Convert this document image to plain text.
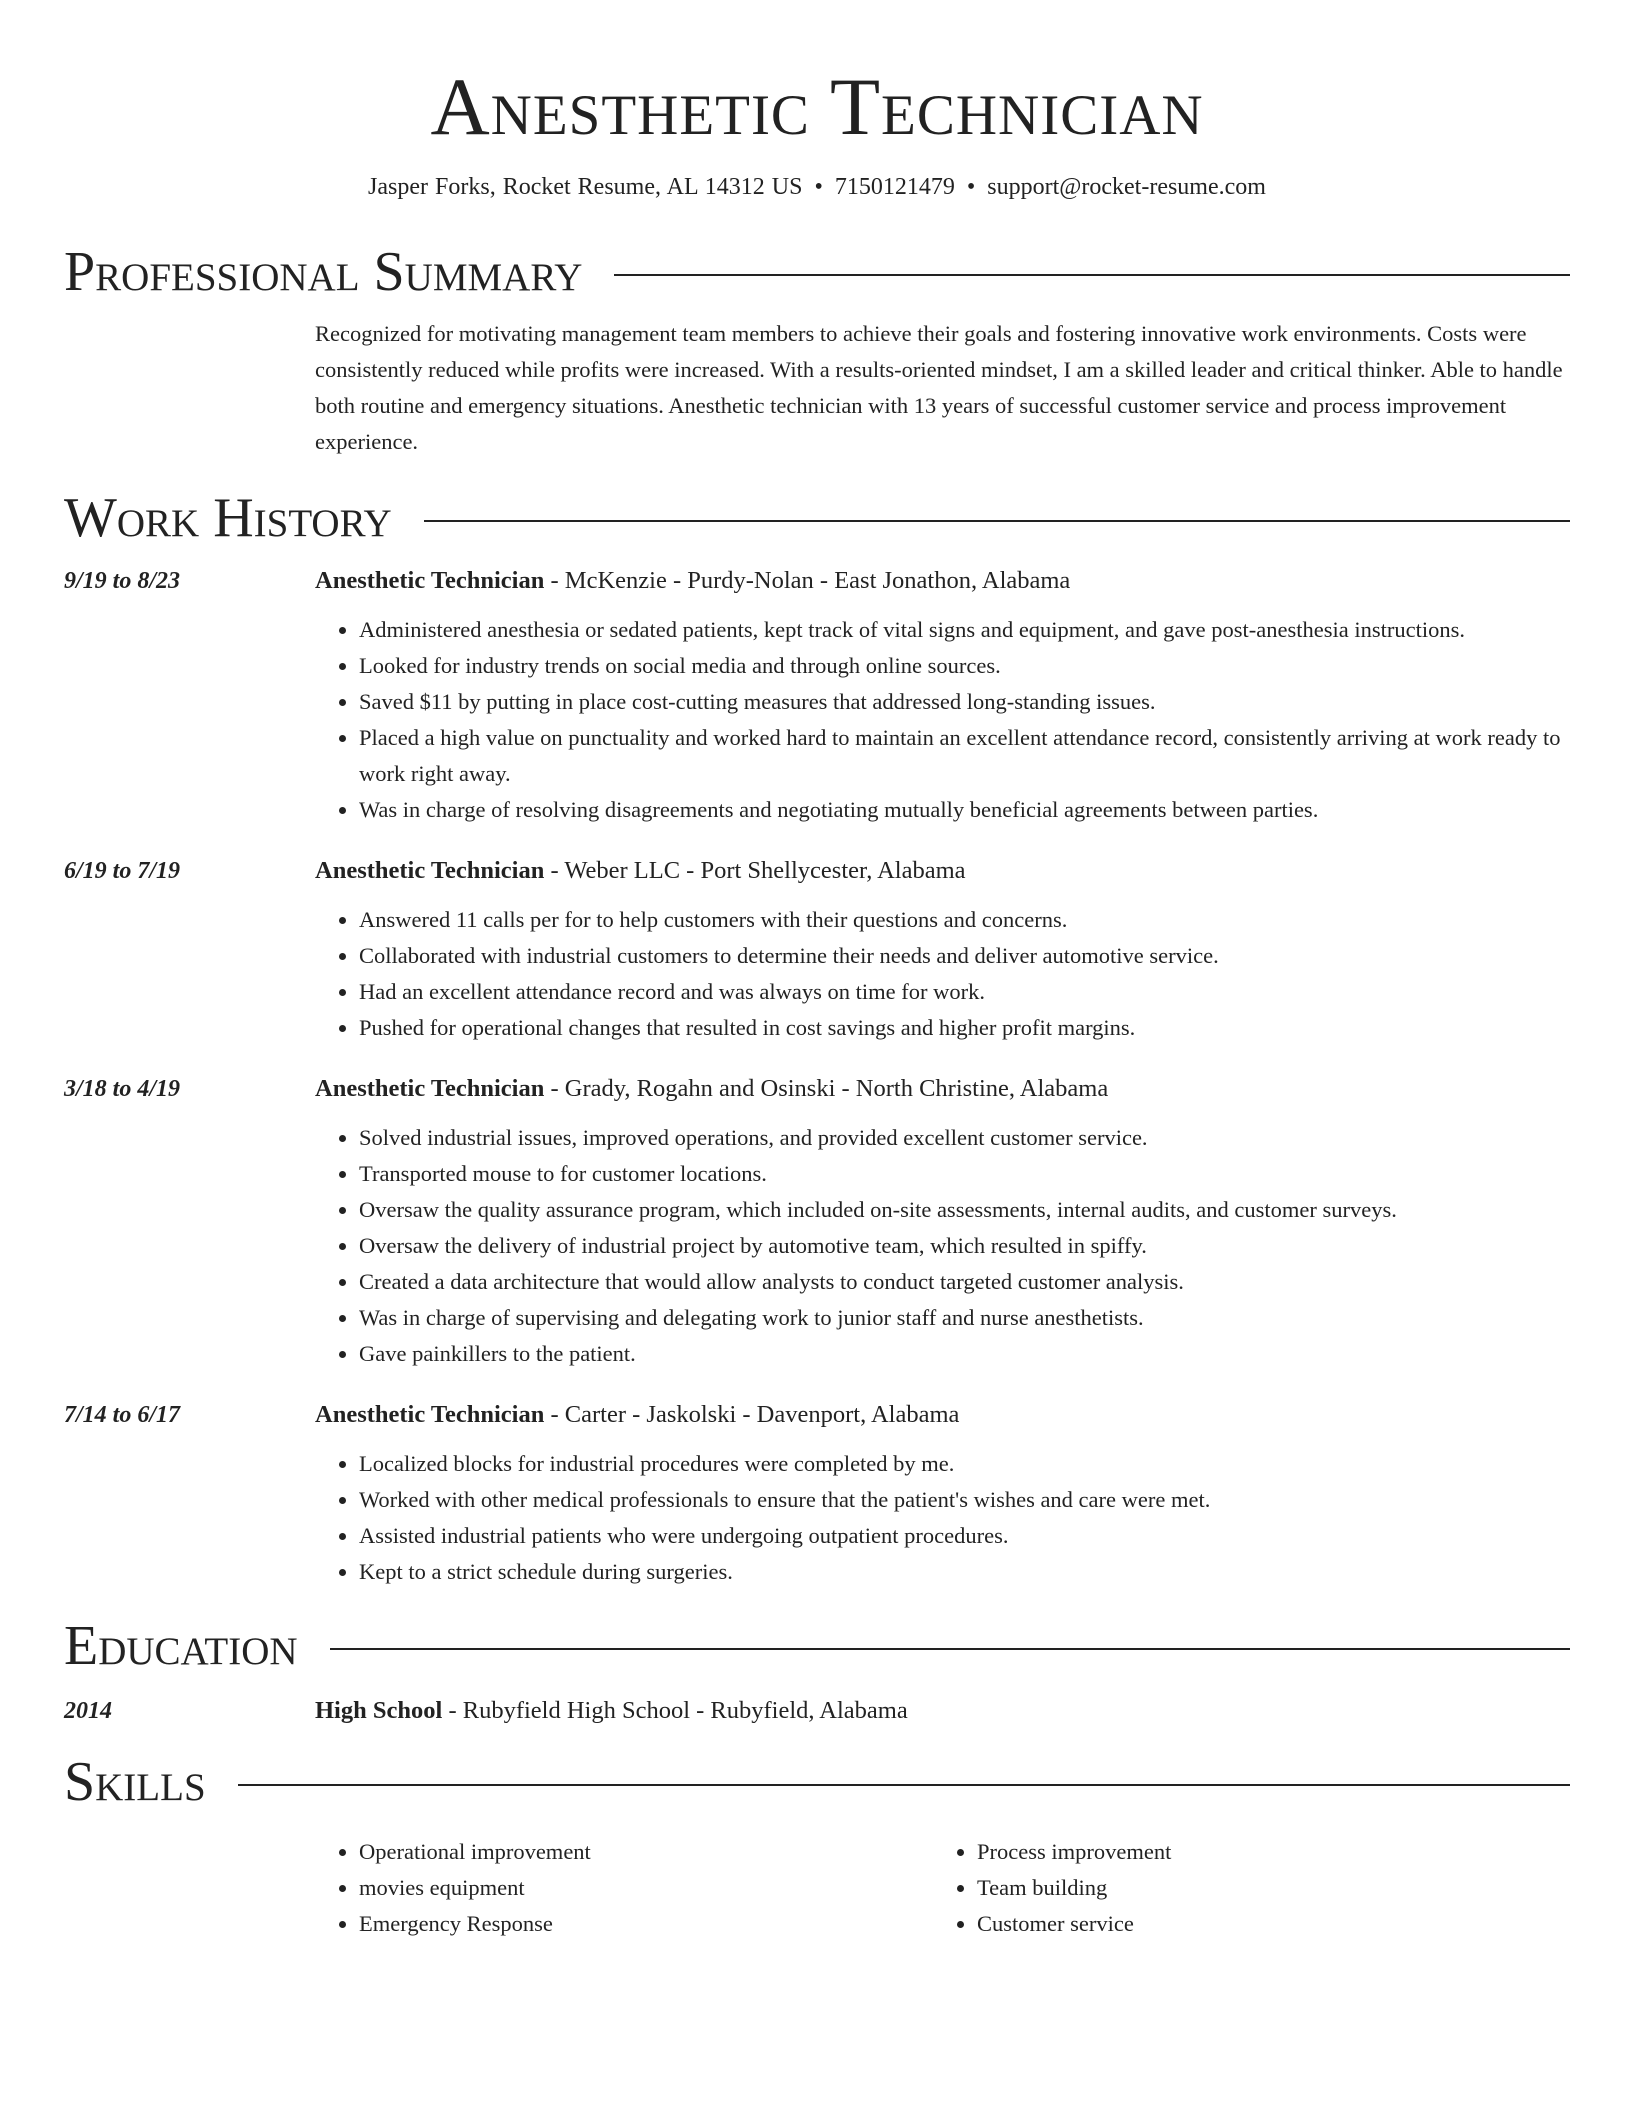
Anesthetic Technician
Jasper Forks, Rocket Resume, AL 14312 US • 7150121479 • support@rocket-resume.com
Professional Summary

Recognized for motivating management team members to achieve their goals and fostering innovative work environments. Costs were consistently reduced while profits were increased. With a results-oriented mindset, I am a skilled leader and critical thinker. Able to handle both routine and emergency situations. Anesthetic technician with 13 years of successful customer service and process improvement experience.

Work History
9/19 to 8/23	Anesthetic Technician - McKenzie - Purdy-Nolan - East Jonathon, Alabama
• Administered anesthesia or sedated patients, kept track of vital signs and equipment, and gave post-anesthesia instructions.
• Looked for industry trends on social media and through online sources.
• Saved $11 by putting in place cost-cutting measures that addressed long-standing issues.
• Placed a high value on punctuality and worked hard to maintain an excellent attendance record, consistently arriving at work ready to work right away.
• Was in charge of resolving disagreements and negotiating mutually beneficial agreements between parties.
6/19 to 7/19	Anesthetic Technician - Weber LLC - Port Shellycester, Alabama
• Answered 11 calls per for to help customers with their questions and concerns.
• Collaborated with industrial customers to determine their needs and deliver automotive service.
• Had an excellent attendance record and was always on time for work.
• Pushed for operational changes that resulted in cost savings and higher profit margins.
3/18 to 4/19	Anesthetic Technician - Grady, Rogahn and Osinski - North Christine, Alabama
• Solved industrial issues, improved operations, and provided excellent customer service.
• Transported mouse to for customer locations.
• Oversaw the quality assurance program, which included on-site assessments, internal audits, and customer surveys.
• Oversaw the delivery of industrial project by automotive team, which resulted in spiffy.
• Created a data architecture that would allow analysts to conduct targeted customer analysis.
• Was in charge of supervising and delegating work to junior staff and nurse anesthetists.
• Gave painkillers to the patient.
7/14 to 6/17	Anesthetic Technician - Carter - Jaskolski - Davenport, Alabama
• Localized blocks for industrial procedures were completed by me.
• Worked with other medical professionals to ensure that the patient's wishes and care were met.
• Assisted industrial patients who were undergoing outpatient procedures.
• Kept to a strict schedule during surgeries.
Education
2014	High School - Rubyfield High School - Rubyfield, Alabama
Skills
• Operational improvement
• movies equipment
• Emergency Response
• Process improvement
• Team building
• Customer service
